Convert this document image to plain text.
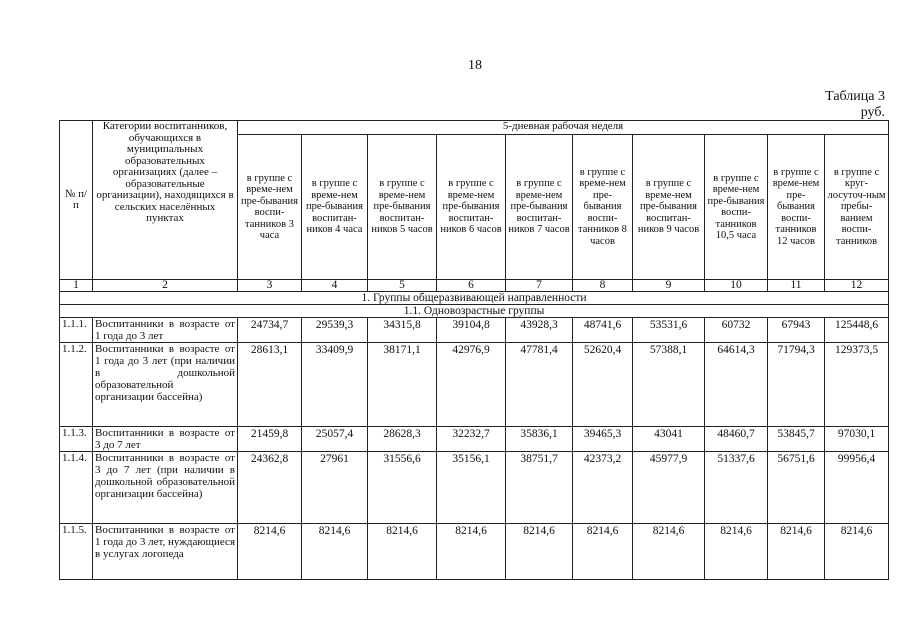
18
Таблица 3
руб.
№ п/п	Категории воспитанников, обучающихся в муниципальных образовательных организациях (далее – образовательные организации), находящихся в сельских населённых пунктах	5-дневная рабочая неделя									
		в группе с време-нем пре-бывания воспи-танников 3 часа	в группе с време-нем пре-бывания воспитан-ников 4 часа	в группе с време-нем пре-бывания воспитан-ников 5 часов	в группе с време-нем пре-бывания воспитан-ников 6 часов	в группе с време-нем пре-бывания воспитан-ников 7 часов	в группе с време-нем пре-бывания воспи-танников 8 часов	в группе с време-нем пре-бывания воспитан-ников 9 часов	в группе с време-нем пре-бывания воспи-танников 10,5 часа	в группе с време-нем пре-бывания воспи-танников 12 часов	в группе с круг-лосуточ-ным пребы-ванием воспи-танников
1	2	3	4	5	6	7	8	9	10	11	12
1. Группы общеразвивающей направленности											
1.1. Одновозрастные группы											
1.1.1.	Воспитанники в возрасте от 1 года до 3 лет	24734,7	29539,3	34315,8	39104,8	43928,3	48741,6	53531,6	60732	67943	125448,6
1.1.2.	Воспитанники в возрасте от 1 года до 3 лет (при наличии в дошкольной образовательной организации бассейна)	28613,1	33409,9	38171,1	42976,9	47781,4	52620,4	57388,1	64614,3	71794,3	129373,5
1.1.3.	Воспитанники в возрасте от 3 до 7 лет	21459,8	25057,4	28628,3	32232,7	35836,1	39465,3	43041	48460,7	53845,7	97030,1
1.1.4.	Воспитанники в возрасте от 3 до 7 лет (при наличии в дошкольной образовательной организации бассейна)	24362,8	27961	31556,6	35156,1	38751,7	42373,2	45977,9	51337,6	56751,6	99956,4
1.1.5.	Воспитанники в возрасте от 1 года до 3 лет, нуждающиеся в услугах логопеда	8214,6	8214,6	8214,6	8214,6	8214,6	8214,6	8214,6	8214,6	8214,6	8214,6
